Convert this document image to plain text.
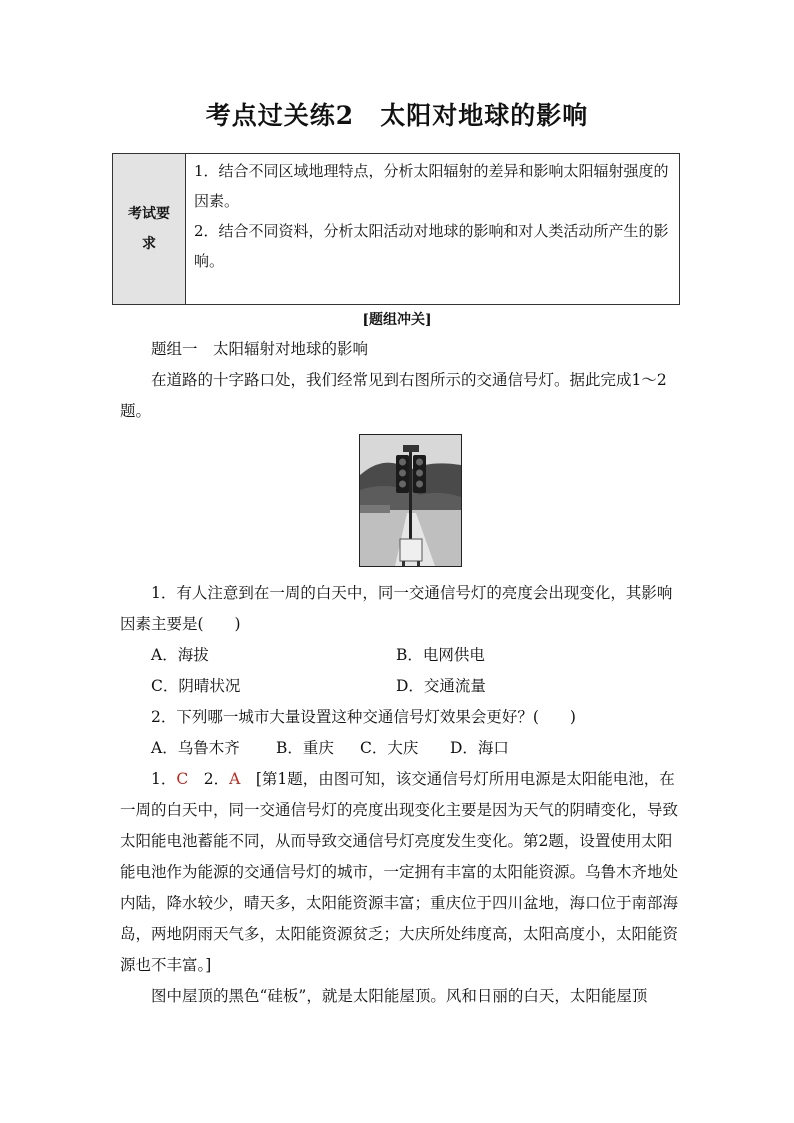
考点过关练2　太阳对地球的影响
考试要求
1．结合不同区域地理特点，分析太阳辐射的差异和影响太阳辐射强度的因素。
2．结合不同资料，分析太阳活动对地球的影响和对人类活动所产生的影响。
[题组冲关]
题组一　太阳辐射对地球的影响
在道路的十字路口处，我们经常见到右图所示的交通信号灯。据此完成1～2题。
1．有人注意到在一周的白天中，同一交通信号灯的亮度会出现变化，其影响因素主要是(　　)
A．海拔	B．电网供电
C．阴晴状况	D．交通流量
2．下列哪一城市大量设置这种交通信号灯效果会更好？(　　)
A．乌鲁木齐 B．重庆 C．大庆 D．海口
1．C　2．A　[第1题，由图可知，该交通信号灯所用电源是太阳能电池，在一周的白天中，同一交通信号灯的亮度出现变化主要是因为天气的阴晴变化，导致太阳能电池蓄能不同，从而导致交通信号灯亮度发生变化。第2题，设置使用太阳能电池作为能源的交通信号灯的城市，一定拥有丰富的太阳能资源。乌鲁木齐地处内陆，降水较少，晴天多，太阳能资源丰富；重庆位于四川盆地，海口位于南部海岛，两地阴雨天气多，太阳能资源贫乏；大庆所处纬度高，太阳高度小，太阳能资源也不丰富。]
图中屋顶的黑色“硅板”，就是太阳能屋顶。风和日丽的白天，太阳能屋顶
